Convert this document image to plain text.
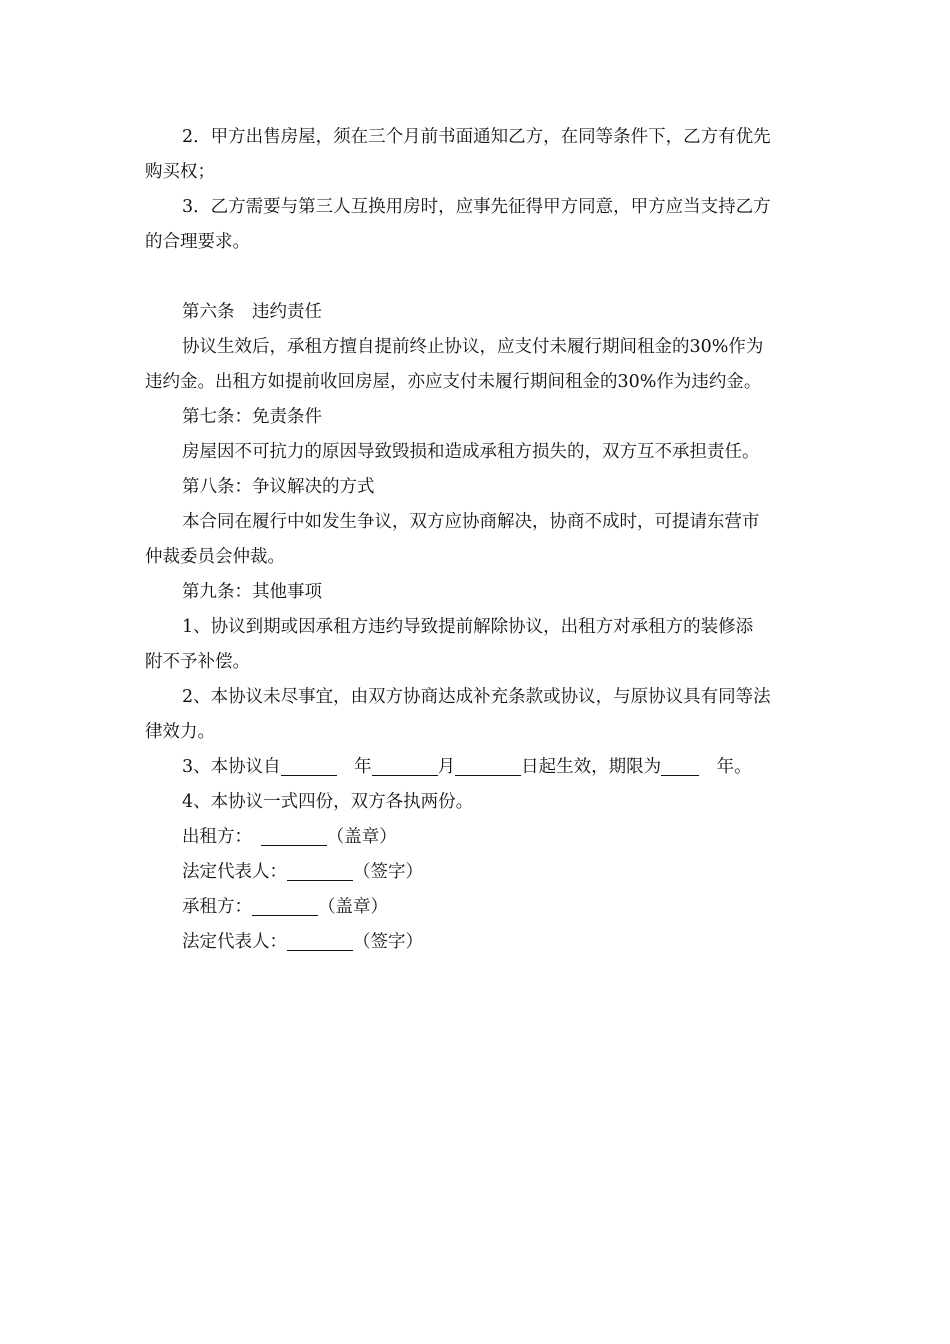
2．甲方出售房屋，须在三个月前书面通知乙方，在同等条件下，乙方有优先
购买权；
3．乙方需要与第三人互换用房时，应事先征得甲方同意，甲方应当支持乙方
的合理要求。
第六条　违约责任
协议生效后，承租方擅自提前终止协议，应支付未履行期间租金的30%作为
违约金。出租方如提前收回房屋，亦应支付未履行期间租金的30%作为违约金。
第七条：免责条件
房屋因不可抗力的原因导致毁损和造成承租方损失的，双方互不承担责任。
第八条：争议解决的方式
本合同在履行中如发生争议，双方应协商解决，协商不成时，可提请东营市
仲裁委员会仲裁。
第九条：其他事项
1、协议到期或因承租方违约导致提前解除协议，出租方对承租方的装修添
附不予补偿。
2、本协议未尽事宜，由双方协商达成补充条款或协议，与原协议具有同等法
律效力。
3、本协议自　	年	月	日起生效，期限为　	年。
4、本协议一式四份，双方各执两份。
出租方：　	（盖章）
法定代表人：	（签字）
承租方：	（盖章）
法定代表人：	（签字）
